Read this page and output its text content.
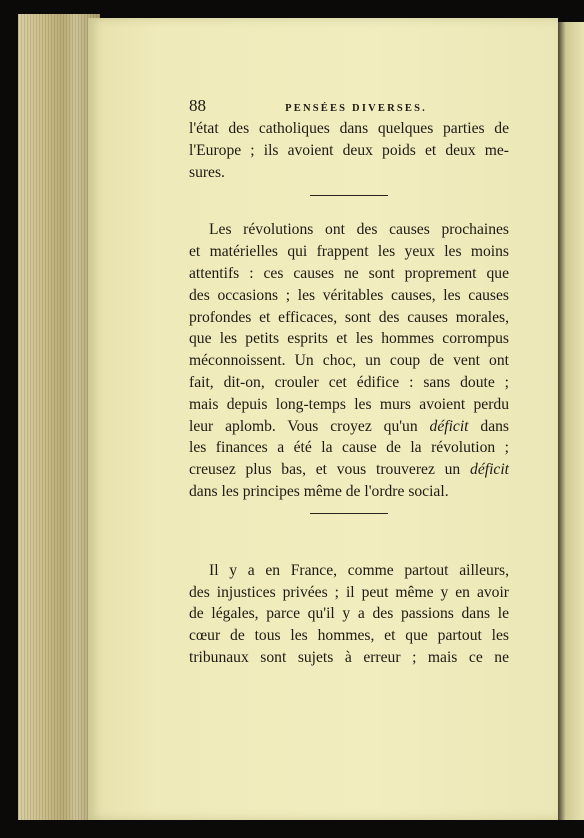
88	PENSÉES DIVERSES.

l'état des catholiques dans quelques parties de
l'Europe ; ils avoient deux poids et deux me-
sures.

Les révolutions ont des causes prochaines
et matérielles qui frappent les yeux les moins
attentifs : ces causes ne sont proprement que
des occasions ; les véritables causes, les causes
profondes et efficaces, sont des causes morales,
que les petits esprits et les hommes corrompus
méconnoissent. Un choc, un coup de vent ont
fait, dit-on, crouler cet édifice : sans doute ;
mais depuis long-temps les murs avoient perdu
leur aplomb. Vous croyez qu'un déficit dans
les finances a été la cause de la révolution ;
creusez plus bas, et vous trouverez un déficit
dans les principes même de l'ordre social.

Il y a en France, comme partout ailleurs,
des injustices privées ; il peut même y en avoir
de légales, parce qu'il y a des passions dans le
cœur de tous les hommes, et que partout les
tribunaux sont sujets à erreur ; mais ce ne
